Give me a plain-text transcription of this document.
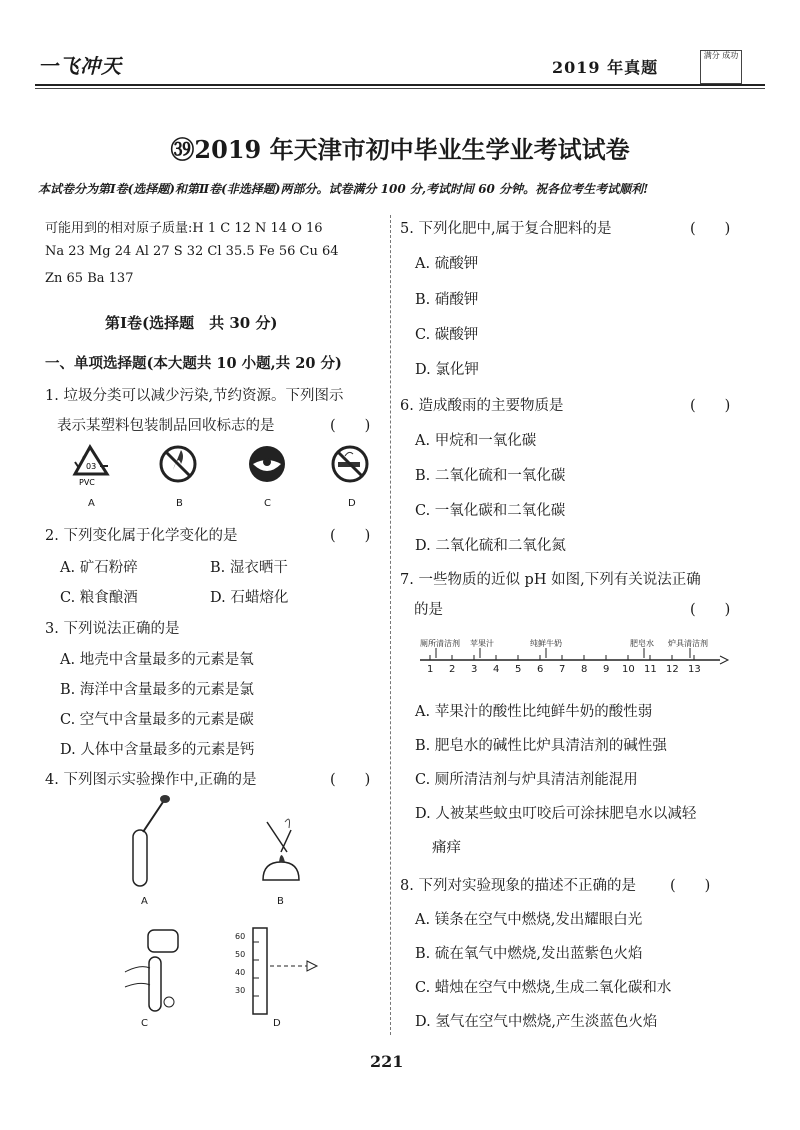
一飞冲天	2019 年真题
满分 成功
㊴2019 年天津市初中毕业生学业考试试卷
本试卷分为第Ⅰ卷(选择题)和第Ⅱ卷(非选择题)两部分。试卷满分 100 分,考试时间 60 分钟。祝各位考生考试顺利!
可能用到的相对原子质量:H 1 C 12 N 14 O 16
Na 23 Mg 24 Al 27 S 32 Cl 35.5 Fe 56 Cu 64
Zn 65 Ba 137
第Ⅰ卷(选择题　共 30 分)
一、单项选择题(本大题共 10 小题,共 20 分)
1. 垃圾分类可以减少污染,节约资源。下列图示
表示某塑料包装制品回收标志的是	(　　)
03
PVC
A	B	C	D
2. 下列变化属于化学变化的是	(　　)
A. 矿石粉碎	B. 湿衣晒干
C. 粮食酿酒	D. 石蜡熔化
3. 下列说法正确的是
A. 地壳中含量最多的元素是氧
B. 海洋中含量最多的元素是氯
C. 空气中含量最多的元素是碳
D. 人体中含量最多的元素是钙
4. 下列图示实验操作中,正确的是	(　　)
60
50
40
30
A	B
C	D
5. 下列化肥中,属于复合肥料的是	(　　)
A. 硫酸钾
B. 硝酸钾
C. 碳酸钾
D. 氯化钾
6. 造成酸雨的主要物质是	(　　)
A. 甲烷和一氧化碳
B. 二氧化硫和一氧化碳
C. 一氧化碳和二氧化碳
D. 二氧化硫和二氧化氮
7. 一些物质的近似 pH 如图,下列有关说法正确
的是	(　　)
厕所清洁剂 苹果汁	纯鲜牛奶	肥皂水 炉具清洁剂
1 2 3 4 5 6 7 8 9 10 11 12 13
A. 苹果汁的酸性比纯鲜牛奶的酸性弱
B. 肥皂水的碱性比炉具清洁剂的碱性强
C. 厕所清洁剂与炉具清洁剂能混用
D. 人被某些蚊虫叮咬后可涂抹肥皂水以减轻
痛痒
8. 下列对实验现象的描述不正确的是 (　　)
A. 镁条在空气中燃烧,发出耀眼白光
B. 硫在氧气中燃烧,发出蓝紫色火焰
C. 蜡烛在空气中燃烧,生成二氧化碳和水
D. 氢气在空气中燃烧,产生淡蓝色火焰
221
